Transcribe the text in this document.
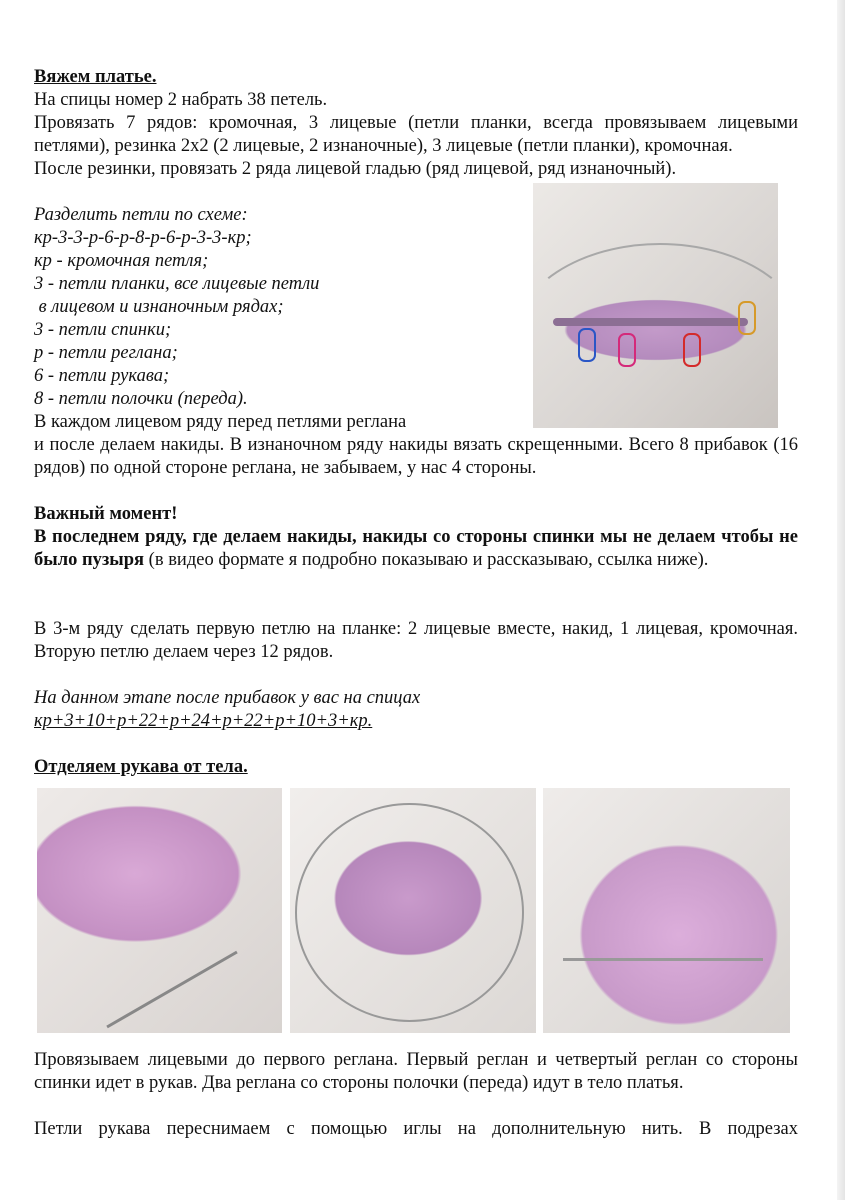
Вяжем платье.

На спицы номер 2 набрать 38 петель.

Провязать 7 рядов: кромочная, 3 лицевые (петли планки, всегда провязываем лицевыми петлями), резинка 2х2 (2 лицевые, 2 изнаночные), 3 лицевые (петли планки), кромочная.

После резинки, провязать 2 ряда лицевой гладью (ряд лицевой, ряд изнаночный).

Разделить петли по схеме:

кр-3-3-р-6-р-8-р-6-р-3-3-кр;

кр - кромочная петля;

3 - петли планки, все лицевые петли

в лицевом и изнаночным рядах;

3 - петли спинки;

р - петли реглана;

6 - петли рукава;

8 - петли полочки (переда).

В каждом лицевом ряду перед петлями реглана

и после делаем накиды. В изнаночном ряду накиды вязать скрещенными. Всего 8 прибавок (16 рядов) по одной стороне реглана, не забываем, у нас 4 стороны.

Важный момент!

В последнем ряду, где делаем накиды, накиды со стороны спинки мы не делаем чтобы не было пузыря (в видео формате я подробно показываю и рассказываю, ссылка ниже).

В 3-м ряду сделать первую петлю на планке: 2 лицевые вместе, накид, 1 лицевая, кромочная. Вторую петлю делаем через 12 рядов.

На данном этапе после прибавок у вас на спицах

кр+3+10+р+22+р+24+р+22+р+10+3+кр.

Отделяем рукава от тела.

Провязываем лицевыми до первого реглана. Первый реглан и четвертый реглан со стороны спинки идет в рукав. Два реглана со стороны полочки (переда) идут в тело платья.

Петли рукава переснимаем с помощью иглы на дополнительную нить. В подрезах
